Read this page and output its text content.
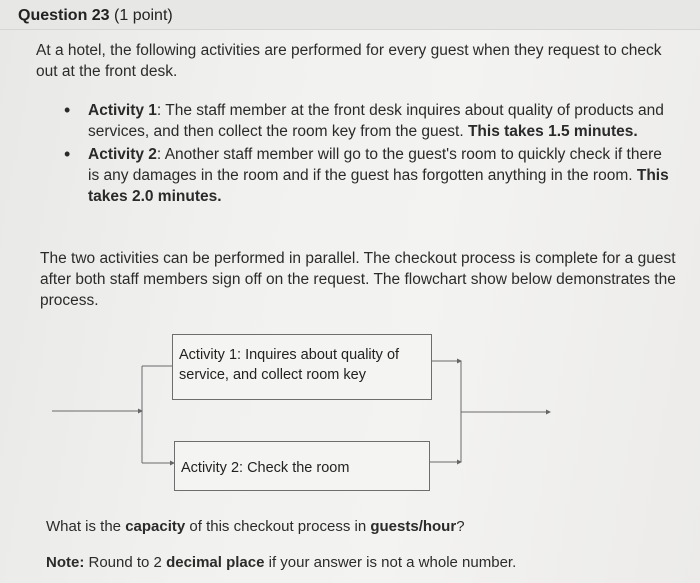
Question 23 (1 point)
At a hotel, the following activities are performed for every guest when they request to check out at the front desk.
• Activity 1: The staff member at the front desk inquires about quality of products and services, and then collect the room key from the guest. This takes 1.5 minutes.
• Activity 2: Another staff member will go to the guest's room to quickly check if there is any damages in the room and if the guest has forgotten anything in the room. This takes 2.0 minutes.
The two activities can be performed in parallel. The checkout process is complete for a guest after both staff members sign off on the request. The flowchart show below demonstrates the process.
Activity 1: Inquires about quality of service, and collect room key
Activity 2: Check the room
What is the capacity of this checkout process in guests/hour?
Note: Round to 2 decimal place if your answer is not a whole number.
